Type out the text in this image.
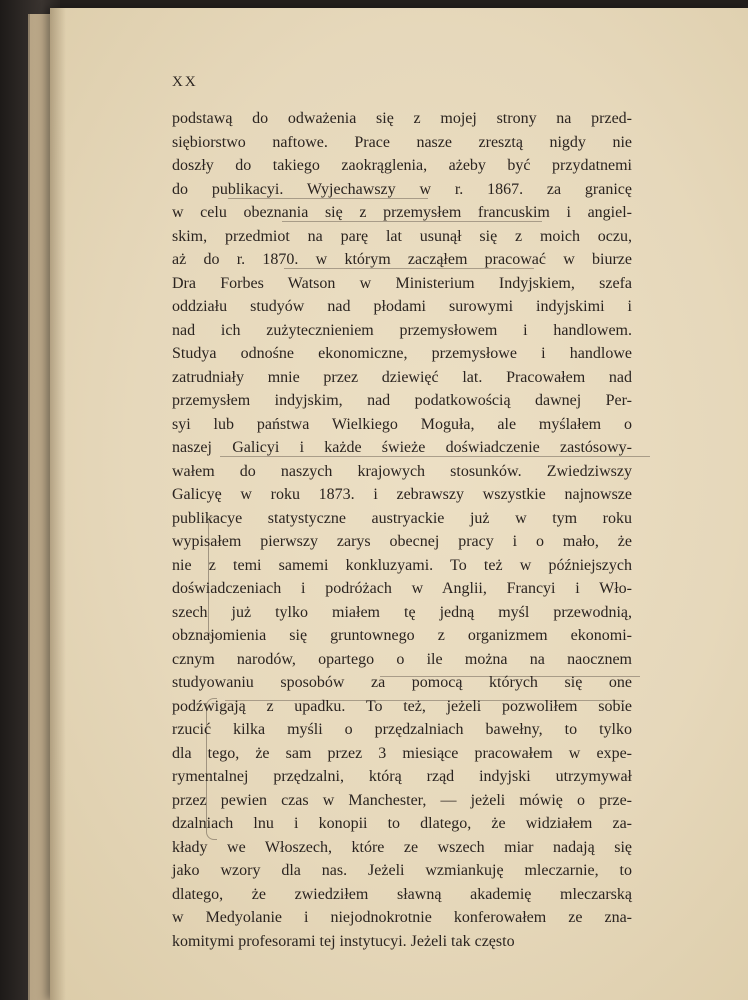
XX
podstawą do odważenia się z mojej strony na przed-
siębiorstwo naftowe. Prace nasze zresztą nigdy nie
doszły do takiego zaokrąglenia, ażeby być przydatnemi
do publikacyi. Wyjechawszy w r. 1867. za granicę
w celu obeznania się z przemysłem francuskim i angiel-
skim, przedmiot na parę lat usunął się z moich oczu,
aż do r. 1870. w którym zacząłem pracować w biurze
Dra Forbes Watson w Ministerium Indyjskiem, szefa
oddziału studyów nad płodami surowymi indyjskimi i
nad ich zużytecznieniem przemysłowem i handlowem.
Studya odnośne ekonomiczne, przemysłowe i handlowe
zatrudniały mnie przez dziewięć lat. Pracowałem nad
przemysłem indyjskim, nad podatkowością dawnej Per-
syi lub państwa Wielkiego Moguła, ale myślałem o
naszej Galicyi i każde świeże doświadczenie zastósowy-
wałem do naszych krajowych stosunków. Zwiedziwszy
Galicyę w roku 1873. i zebrawszy wszystkie najnowsze
publikacye statystyczne austryackie już w tym roku
wypisałem pierwszy zarys obecnej pracy i o mało, że
nie z temi samemi konkluzyami. To też w późniejszych
doświadczeniach i podróżach w Anglii, Francyi i Wło-
szech już tylko miałem tę jedną myśl przewodnią,
obznajomienia się gruntownego z organizmem ekonomi-
cznym narodów, opartego o ile można na naocznem
studyowaniu sposobów za pomocą których się one
podźwigają z upadku. To też, jeżeli pozwoliłem sobie
rzucić kilka myśli o przędzalniach bawełny, to tylko
dla tego, że sam przez 3 miesiące pracowałem w expe-
rymentalnej przędzalni, którą rząd indyjski utrzymywał
przez pewien czas w Manchester, — jeżeli mówię o prze-
dzalniach lnu i konopii to dlatego, że widziałem za-
kłady we Włoszech, które ze wszech miar nadają się
jako wzory dla nas. Jeżeli wzmiankuję mleczarnie, to
dlatego, że zwiedziłem sławną akademię mleczarską
w Medyolanie i niejodnokrotnie konferowałem ze zna-
komitymi profesorami tej instytucyi. Jeżeli tak często
